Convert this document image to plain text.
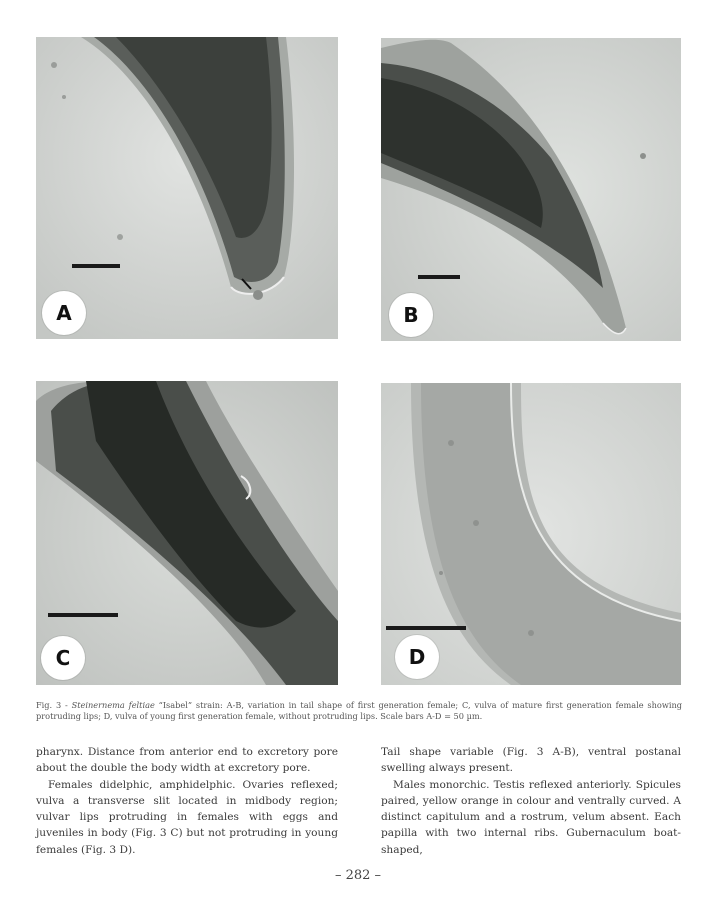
A	B
C	D
Fig. 3 - Steinernema feltiae “Isabel” strain: A-B, variation in tail shape of first generation female; C, vulva of mature first generation female showing protruding lips; D, vulva of young first generation female, without protruding lips. Scale bars A-D = 50 µm.

pharynx. Distance from anterior end to excretory pore about the double the body width at excretory pore.

Females didelphic, amphidelphic. Ovaries reflexed; vulva a transverse slit located in midbody region; vulvar lips protruding in females with eggs and juveniles in body (Fig. 3 C) but not protruding in young females (Fig. 3 D).

Tail shape variable (Fig. 3 A-B), ventral postanal swelling always present.

Males monorchic. Testis reflexed anteriorly. Spicules paired, yellow orange in colour and ventrally curved. A distinct capitulum and a rostrum, velum absent. Each papilla with two internal ribs. Gubernaculum boat-shaped,

– 282 –
